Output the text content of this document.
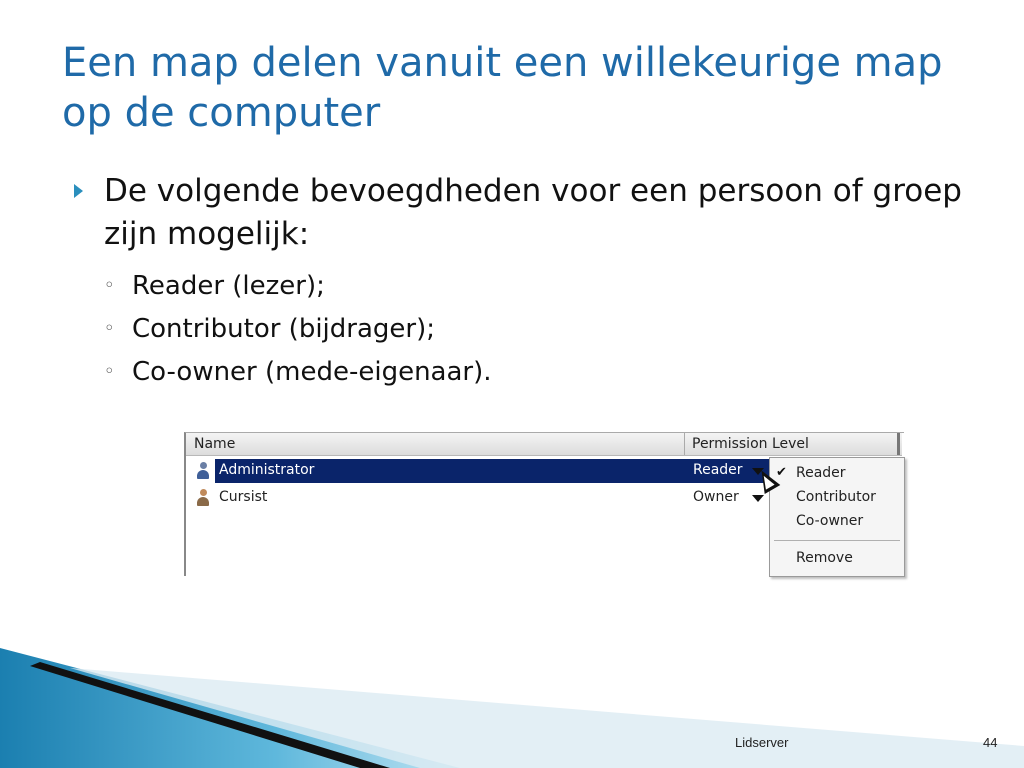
Een map delen vanuit een willekeurige map op de computer
De volgende bevoegdheden voor een persoon of groep zijn mogelijk:
◦ Reader (lezer);
◦ Contributor (bijdrager);
◦ Co-owner (mede-eigenaar).
Name	Permission Level
Administrator	Reader
Cursist	Owner
✔ Reader
Contributor
Co-owner
Remove
Lidserver	44
